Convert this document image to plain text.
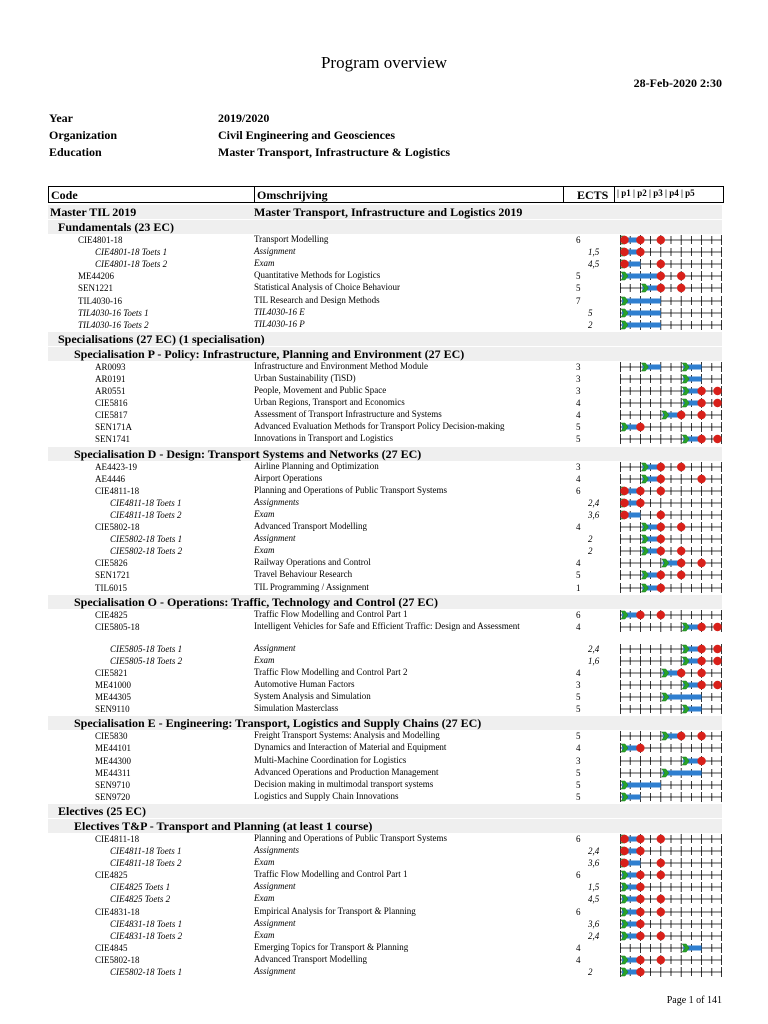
Program overview
28-Feb-2020 2:30
Year	2019/2020
Organization	Civil Engineering and Geosciences
Education	Master Transport, Infrastructure & Logistics
Code	Omschrijving	ECTS | p1 | p2 | p3 | p4 | p5
Master TIL 2019	Master Transport, Infrastructure and Logistics 2019
Fundamentals (23 EC)
CIE4801-18	Transport Modelling	6
CIE4801-18 Toets 1	Assignment	1,5
CIE4801-18 Toets 2	Exam	4,5
ME44206	Quantitative Methods for Logistics	5
SEN1221	Statistical Analysis of Choice Behaviour	5
TIL4030-16	TIL Research and Design Methods	7
TIL4030-16 Toets 1	TIL4030-16 E	5
TIL4030-16 Toets 2	TIL4030-16 P	2
Specialisations (27 EC) (1 specialisation)
Specialisation P - Policy: Infrastructure, Planning and Environment (27 EC)
AR0093	Infrastructure and Environment Method Module	3
AR0191	Urban Sustainability (TiSD)	3
AR0551	People, Movement and Public Space	3
CIE5816	Urban Regions, Transport and Economics	4
CIE5817	Assessment of Transport Infrastructure and Systems	4
SEN171A	Advanced Evaluation Methods for Transport Policy Decision-making	5
SEN1741	Innovations in Transport and Logistics	5
Specialisation D - Design: Transport Systems and Networks (27 EC)
AE4423-19	Airline Planning and Optimization	3
AE4446	Airport Operations	4
CIE4811-18	Planning and Operations of Public Transport Systems	6
CIE4811-18 Toets 1	Assignments	2,4
CIE4811-18 Toets 2	Exam	3,6
CIE5802-18	Advanced Transport Modelling	4
CIE5802-18 Toets 1	Assignment	2
CIE5802-18 Toets 2	Exam	2
CIE5826	Railway Operations and Control	4
SEN1721	Travel Behaviour Research	5
TIL6015	TIL Programming / Assignment	1
Specialisation O - Operations: Traffic, Technology and Control (27 EC)
CIE4825	Traffic Flow Modelling and Control Part 1	6
CIE5805-18	Intelligent Vehicles for Safe and Efficient Traffic: Design and Assessment	4
CIE5805-18 Toets 1	Assignment	2,4
CIE5805-18 Toets 2	Exam	1,6
CIE5821	Traffic Flow Modelling and Control Part 2	4
ME41000	Automotive Human Factors	3
ME44305	System Analysis and Simulation	5
SEN9110	Simulation Masterclass	5
Specialisation E - Engineering: Transport, Logistics and Supply Chains (27 EC)
CIE5830	Freight Transport Systems: Analysis and Modelling	5
ME44101	Dynamics and Interaction of Material and Equipment	4
ME44300	Multi-Machine Coordination for Logistics	3
ME44311	Advanced Operations and Production Management	5
SEN9710	Decision making in multimodal transport systems	5
SEN9720	Logistics and Supply Chain Innovations	5
Electives (25 EC)
Electives T&P - Transport and Planning (at least 1 course)
CIE4811-18	Planning and Operations of Public Transport Systems	6
CIE4811-18 Toets 1	Assignments	2,4
CIE4811-18 Toets 2	Exam	3,6
CIE4825	Traffic Flow Modelling and Control Part 1	6
CIE4825 Toets 1	Assignment	1,5
CIE4825 Toets 2	Exam	4,5
CIE4831-18	Empirical Analysis for Transport & Planning	6
CIE4831-18 Toets 1	Assignment	3,6
CIE4831-18 Toets 2	Exam	2,4
CIE4845	Emerging Topics for Transport & Planning	4
CIE5802-18	Advanced Transport Modelling	4
CIE5802-18 Toets 1	Assignment	2
Page 1 of 141
